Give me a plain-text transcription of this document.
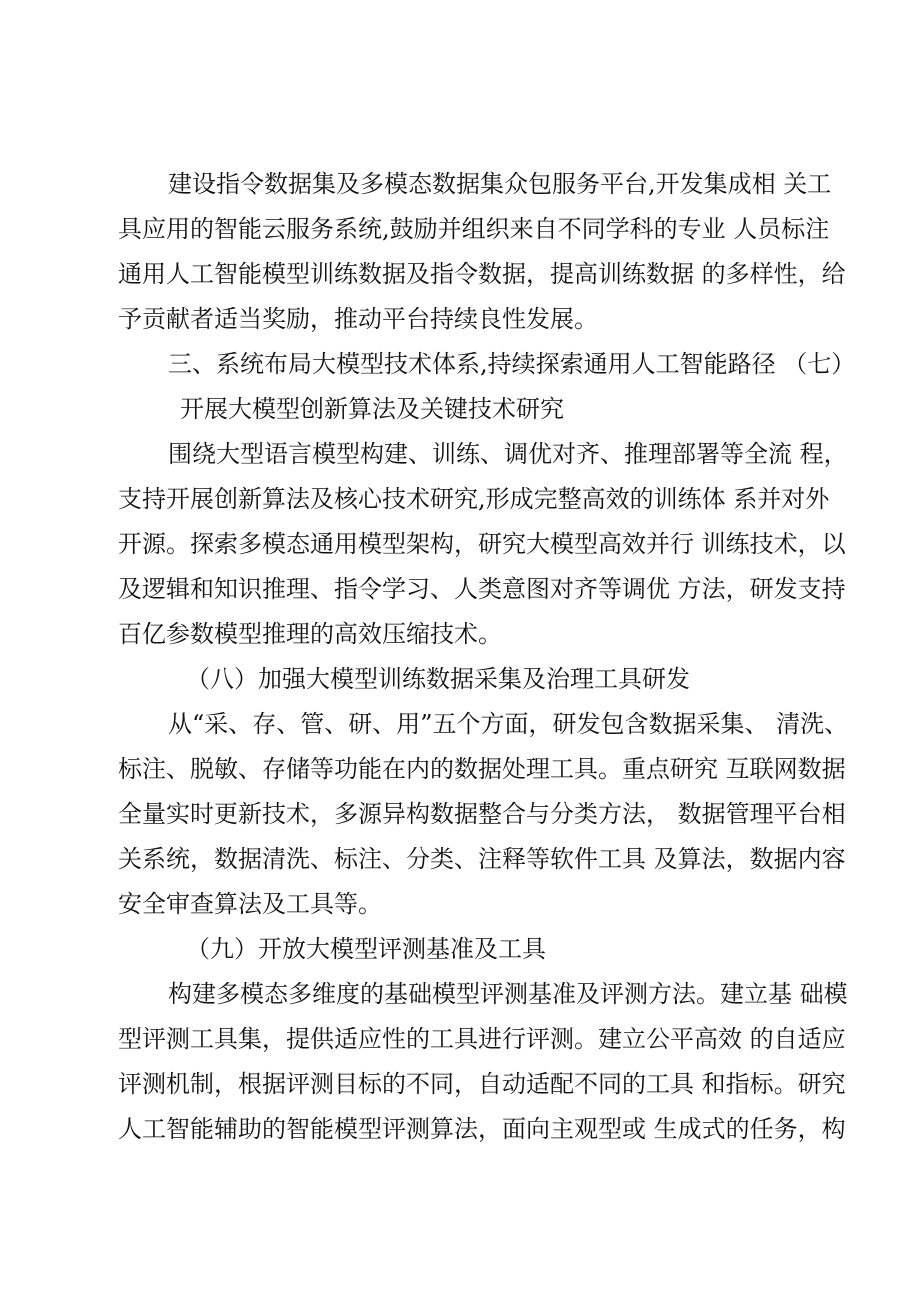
建设指令数据集及多模态数据集众包服务平台,开发集成相 关工
具应用的智能云服务系统,鼓励并组织来自不同学科的专业 人员标注
通用人工智能模型训练数据及指令数据，提高训练数据 的多样性，给
予贡献者适当奖励，推动平台持续良性发展。
三、系统布局大模型技术体系,持续探索通用人工智能路径 （七）
开展大模型创新算法及关键技术研究
围绕大型语言模型构建、训练、调优对齐、推理部署等全流 程，
支持开展创新算法及核心技术研究,形成完整高效的训练体 系并对外
开源。探索多模态通用模型架构，研究大模型高效并行 训练技术，以
及逻辑和知识推理、指令学习、人类意图对齐等调优 方法，研发支持
百亿参数模型推理的高效压缩技术。
（八）加强大模型训练数据采集及治理工具研发
从“采、存、管、研、用”五个方面，研发包含数据采集、 清洗、
标注、脱敏、存储等功能在内的数据处理工具。重点研究 互联网数据
全量实时更新技术，多源异构数据整合与分类方法， 数据管理平台相
关系统，数据清洗、标注、分类、注释等软件工具 及算法，数据内容
安全审查算法及工具等。
（九）开放大模型评测基准及工具
构建多模态多维度的基础模型评测基准及评测方法。建立基 础模
型评测工具集，提供适应性的工具进行评测。建立公平高效 的自适应
评测机制，根据评测目标的不同，自动适配不同的工具 和指标。研究
人工智能辅助的智能模型评测算法，面向主观型或 生成式的任务，构
